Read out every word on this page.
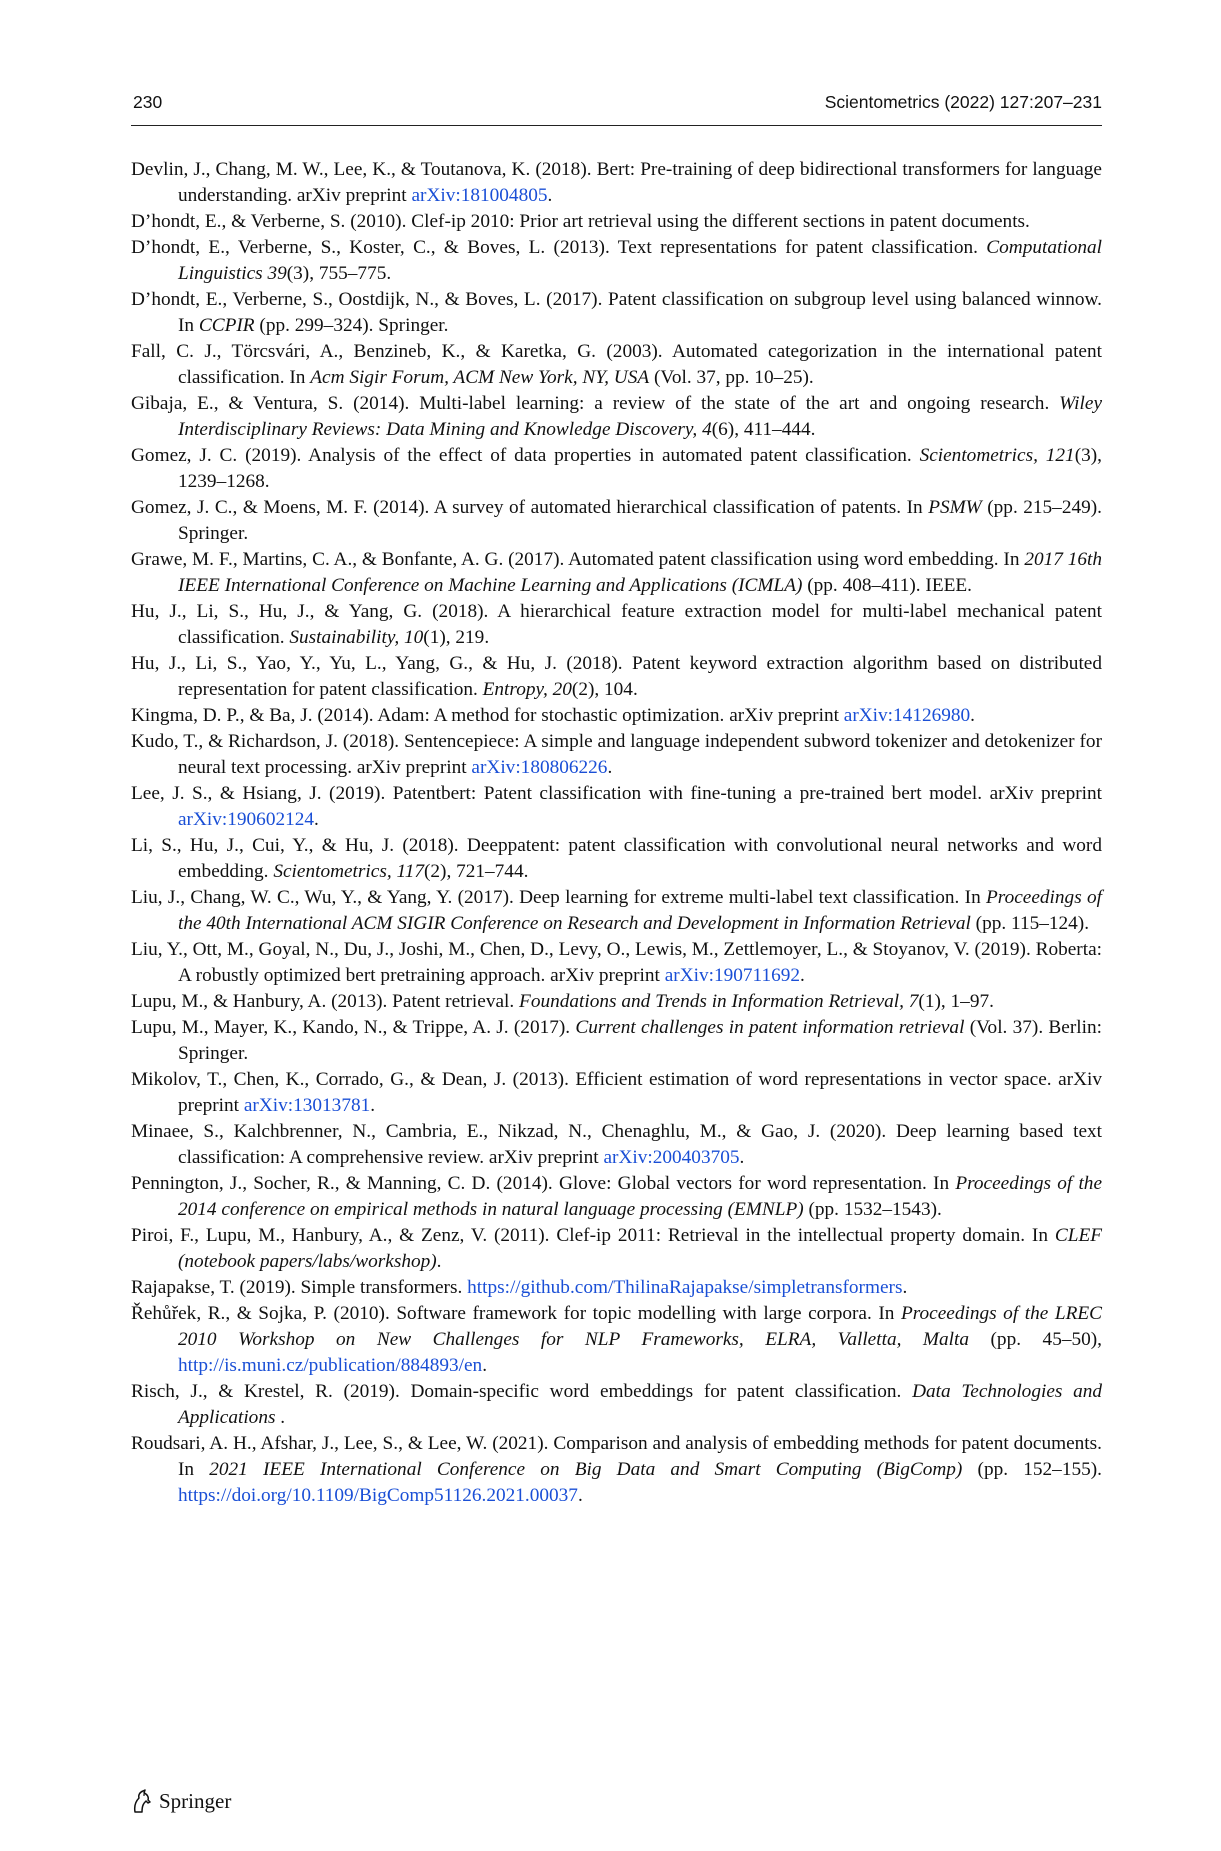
230	Scientometrics (2022) 127:207–231

Devlin, J., Chang, M. W., Lee, K., & Toutanova, K. (2018). Bert: Pre-training of deep bidirectional transformers for language understanding. arXiv preprint arXiv:181004805.

D’hondt, E., & Verberne, S. (2010). Clef-ip 2010: Prior art retrieval using the different sections in patent documents.

D’hondt, E., Verberne, S., Koster, C., & Boves, L. (2013). Text representations for patent classification. Computational Linguistics 39(3), 755–775.

D’hondt, E., Verberne, S., Oostdijk, N., & Boves, L. (2017). Patent classification on subgroup level using balanced winnow. In CCPIR (pp. 299–324). Springer.

Fall, C. J., Törcsvári, A., Benzineb, K., & Karetka, G. (2003). Automated categorization in the international patent classification. In Acm Sigir Forum, ACM New York, NY, USA (Vol. 37, pp. 10–25).

Gibaja, E., & Ventura, S. (2014). Multi-label learning: a review of the state of the art and ongoing research. Wiley Interdisciplinary Reviews: Data Mining and Knowledge Discovery, 4(6), 411–444.

Gomez, J. C. (2019). Analysis of the effect of data properties in automated patent classification. Scientometrics, 121(3), 1239–1268.

Gomez, J. C., & Moens, M. F. (2014). A survey of automated hierarchical classification of patents. In PSMW (pp. 215–249). Springer.

Grawe, M. F., Martins, C. A., & Bonfante, A. G. (2017). Automated patent classification using word embedding. In 2017 16th IEEE International Conference on Machine Learning and Applications (ICMLA) (pp. 408–411). IEEE.

Hu, J., Li, S., Hu, J., & Yang, G. (2018). A hierarchical feature extraction model for multi-label mechanical patent classification. Sustainability, 10(1), 219.

Hu, J., Li, S., Yao, Y., Yu, L., Yang, G., & Hu, J. (2018). Patent keyword extraction algorithm based on distributed representation for patent classification. Entropy, 20(2), 104.

Kingma, D. P., & Ba, J. (2014). Adam: A method for stochastic optimization. arXiv preprint arXiv:14126980.

Kudo, T., & Richardson, J. (2018). Sentencepiece: A simple and language independent subword tokenizer and detokenizer for neural text processing. arXiv preprint arXiv:180806226.

Lee, J. S., & Hsiang, J. (2019). Patentbert: Patent classification with fine-tuning a pre-trained bert model. arXiv preprint arXiv:190602124.

Li, S., Hu, J., Cui, Y., & Hu, J. (2018). Deeppatent: patent classification with convolutional neural networks and word embedding. Scientometrics, 117(2), 721–744.

Liu, J., Chang, W. C., Wu, Y., & Yang, Y. (2017). Deep learning for extreme multi-label text classification. In Proceedings of the 40th International ACM SIGIR Conference on Research and Development in Information Retrieval (pp. 115–124).

Liu, Y., Ott, M., Goyal, N., Du, J., Joshi, M., Chen, D., Levy, O., Lewis, M., Zettlemoyer, L., & Stoyanov, V. (2019). Roberta: A robustly optimized bert pretraining approach. arXiv preprint arXiv:190711692.

Lupu, M., & Hanbury, A. (2013). Patent retrieval. Foundations and Trends in Information Retrieval, 7(1), 1–97.

Lupu, M., Mayer, K., Kando, N., & Trippe, A. J. (2017). Current challenges in patent information retrieval (Vol. 37). Berlin: Springer.

Mikolov, T., Chen, K., Corrado, G., & Dean, J. (2013). Efficient estimation of word representations in vector space. arXiv preprint arXiv:13013781.

Minaee, S., Kalchbrenner, N., Cambria, E., Nikzad, N., Chenaghlu, M., & Gao, J. (2020). Deep learning based text classification: A comprehensive review. arXiv preprint arXiv:200403705.

Pennington, J., Socher, R., & Manning, C. D. (2014). Glove: Global vectors for word representation. In Proceedings of the 2014 conference on empirical methods in natural language processing (EMNLP) (pp. 1532–1543).

Piroi, F., Lupu, M., Hanbury, A., & Zenz, V. (2011). Clef-ip 2011: Retrieval in the intellectual property domain. In CLEF (notebook papers/labs/workshop).

Rajapakse, T. (2019). Simple transformers. https://github.com/ThilinaRajapakse/simpletransformers.

Řehůřek, R., & Sojka, P. (2010). Software framework for topic modelling with large corpora. In Proceedings of the LREC 2010 Workshop on New Challenges for NLP Frameworks, ELRA, Valletta, Malta (pp. 45–50), http://is.muni.cz/publication/884893/en.

Risch, J., & Krestel, R. (2019). Domain-specific word embeddings for patent classification. Data Technologies and Applications .

Roudsari, A. H., Afshar, J., Lee, S., & Lee, W. (2021). Comparison and analysis of embedding methods for patent documents. In 2021 IEEE International Conference on Big Data and Smart Computing (BigComp) (pp. 152–155). https://doi.org/10.1109/BigComp51126.2021.00037.

Springer
